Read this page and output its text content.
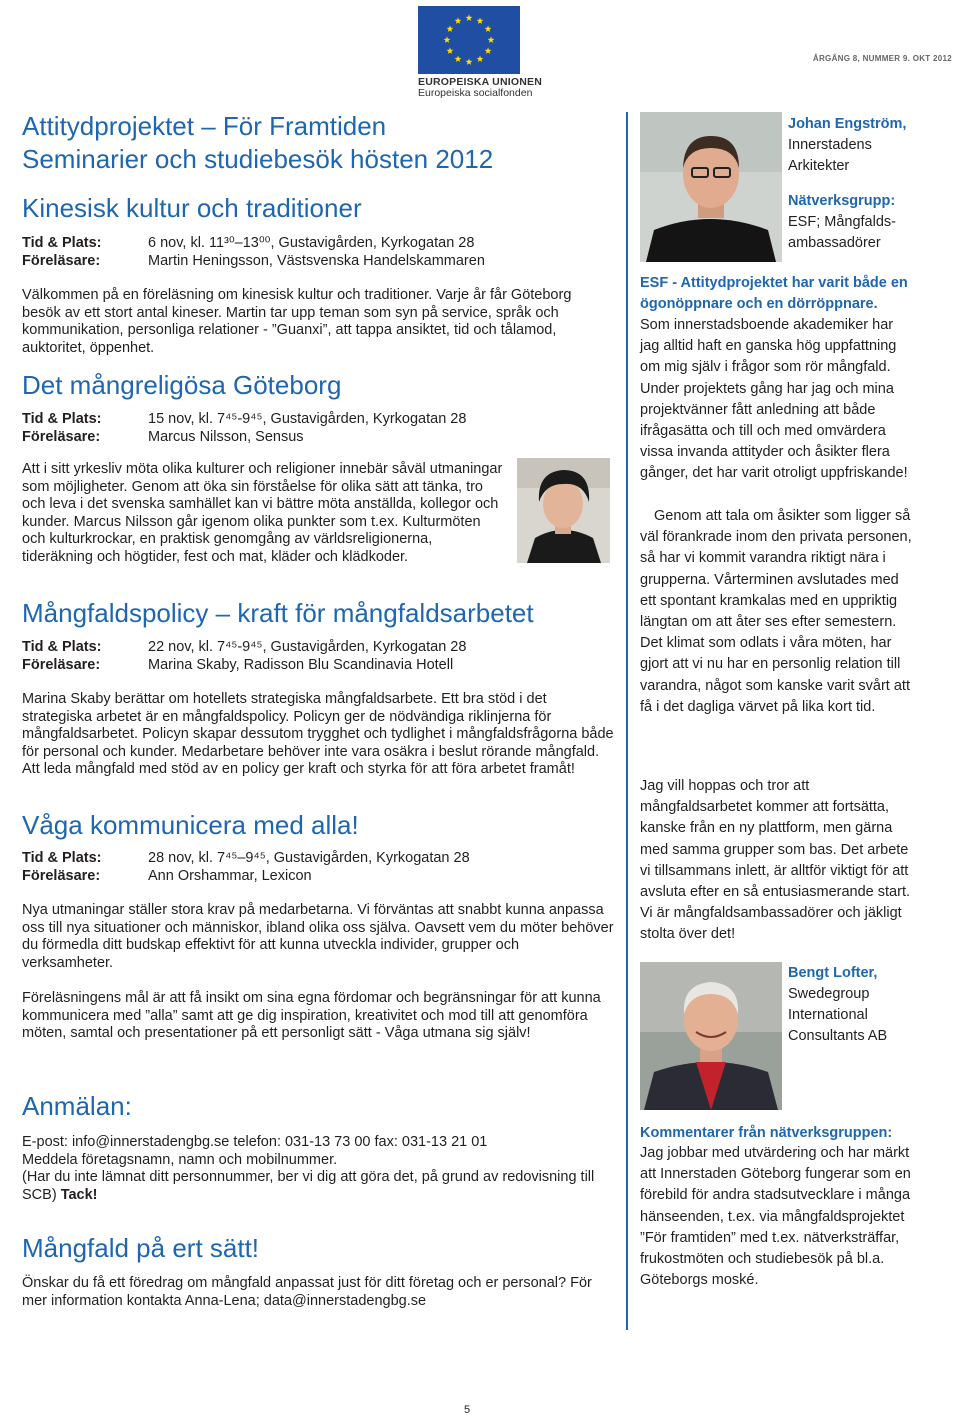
EUROPEISKA UNIONEN
Europeiska socialfonden
ÅRGÅNG 8, NUMMER 9. OKT 2012
Attitydprojektet – För Framtiden
Seminarier och studiebesök hösten 2012
Kinesisk kultur och traditioner
Tid & Plats:	6 nov, kl. 11³⁰–13⁰⁰, Gustavigården, Kyrkogatan 28
Föreläsare:	Martin Heningsson, Västsvenska Handelskammaren

Välkommen på en föreläsning om kinesisk kultur och traditioner. Varje år får Göteborg besök av ett stort antal kineser. Martin tar upp teman som syn på service, språk och kommunikation, personliga relationer - ”Guanxi”, att tappa ansiktet, tid och tålamod, auktoritet, öppenhet.

Det mångreligösa Göteborg
Tid & Plats:	15 nov, kl. 7⁴⁵-9⁴⁵, Gustavigården, Kyrkogatan 28
Föreläsare:	Marcus Nilsson, Sensus

Att i sitt yrkesliv möta olika kulturer och religioner innebär såväl utmaningar som möjligheter. Genom att öka sin förståelse för olika sätt att tänka, tro och leva i det svenska samhället kan vi bättre möta anställda, kollegor och kunder. Marcus Nilsson går igenom olika punkter som t.ex. Kulturmöten och kulturkrockar, en praktisk genomgång av världsreligionerna, tideräkning och högtider, fest och mat, kläder och klädkoder.

Mångfaldspolicy – kraft för mångfaldsarbetet
Tid & Plats:	22 nov, kl. 7⁴⁵-9⁴⁵, Gustavigården, Kyrkogatan 28
Föreläsare:	Marina Skaby, Radisson Blu Scandinavia Hotell

Marina Skaby berättar om hotellets strategiska mångfaldsarbete. Ett bra stöd i det strategiska arbetet är en mångfaldspolicy. Policyn ger de nödvändiga riklinjerna för mångfaldsarbetet. Policyn skapar dessutom trygghet och tydlighet i mångfaldsfrågorna både för personal och kunder. Medarbetare behöver inte vara osäkra i beslut rörande mångfald. Att leda mångfald med stöd av en policy ger kraft och styrka för att föra arbetet framåt!

Våga kommunicera med alla!
Tid & Plats:	28 nov, kl. 7⁴⁵–9⁴⁵, Gustavigården, Kyrkogatan 28
Föreläsare:	Ann Orshammar, Lexicon

Nya utmaningar ställer stora krav på medarbetarna. Vi förväntas att snabbt kunna anpassa oss till nya situationer och människor, ibland olika oss själva. Oavsett vem du möter behöver du förmedla ditt budskap effektivt för att kunna utveckla individer, grupper och verksamheter.

Föreläsningens mål är att få insikt om sina egna fördomar och begränsningar för att kunna kommunicera med ”alla” samt att ge dig inspiration, kreativitet och mod till att genomföra möten, samtal och presentationer på ett personligt sätt - Våga utmana sig själv!

Anmälan:

E-post: info@innerstadengbg.se telefon: 031-13 73 00 fax: 031-13 21 01

Meddela företagsnamn, namn och mobilnummer.

(Har du inte lämnat ditt personnummer, ber vi dig att göra det, på grund av redovisning till SCB) Tack!

Mångfald på ert sätt!

Önskar du få ett föredrag om mångfald anpassat just för ditt företag och er personal? För mer information kontakta Anna-Lena; data@innerstadengbg.se

Johan Engström,
Innerstadens
Arkitekter
Nätverksgrupp:
ESF; Mångfalds-
ambassadörer

ESF - Attitydprojektet har varit både en ögonöppnare och en dörröppnare.

Som innerstadsboende akademiker har jag alltid haft en ganska hög uppfattning om mig själv i frågor som rör mångfald. Under projektets gång har jag och mina projektvänner fått anledning att både ifrågasätta och till och med omvärdera vissa invanda attityder och åsikter flera gånger, det har varit otroligt uppfriskande!

Genom att tala om åsikter som ligger så väl förankrade inom den privata personen, så har vi kommit varandra riktigt nära i grupperna. Vårterminen avslutades med ett spontant kramkalas med en uppriktig längtan om att åter ses efter semestern. Det klimat som odlats i våra möten, har gjort att vi nu har en personlig relation till varandra, något som kanske varit svårt att få i det dagliga värvet på lika kort tid.

Jag vill hoppas och tror att mångfaldsarbetet kommer att fortsätta, kanske från en ny plattform, men gärna med samma grupper som bas. Det arbete vi tillsammans inlett, är alltför viktigt för att avsluta efter en så entusiasmerande start. Vi är mångfaldsambassadörer och jäkligt stolta över det!

Bengt Lofter,
Swedegroup
International
Consultants AB

Kommentarer från nätverksgruppen:

Jag jobbar med utvärdering och har märkt att Innerstaden Göteborg fungerar som en förebild för andra stadsutvecklare i många hänseenden, t.ex. via mångfaldsprojektet ”För framtiden” med t.ex. nätverksträffar, frukostmöten och studiebesök på bl.a. Göteborgs moské.

5
